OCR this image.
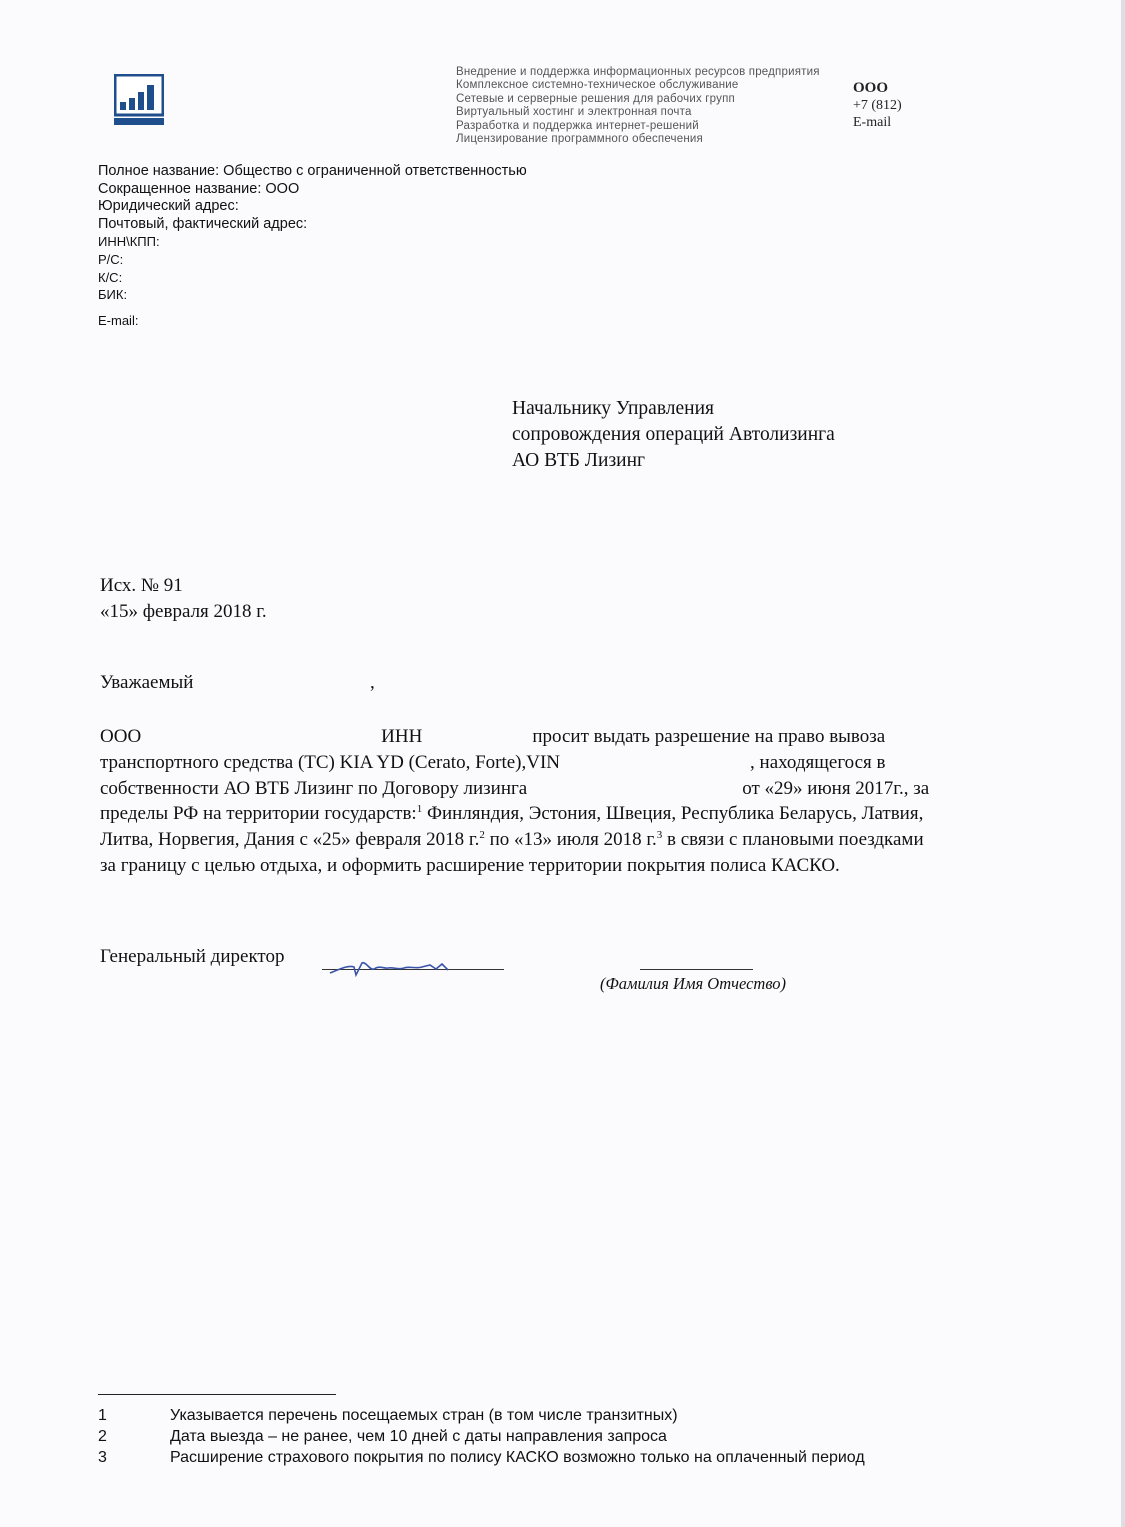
Внедрение и поддержка информационных ресурсов предприятия
Комплексное системно-техническое обслуживание
Сетевые и серверные решения для рабочих групп
Виртуальный хостинг и электронная почта
Разработка и поддержка интернет-решений
Лицензирование программного обеспечения
ООО
+7 (812)
E-mail
Полное название: Общество с ограниченной ответственностью
Сокращенное название: ООО
Юридический адрес:
Почтовый, фактический адрес:
ИНН\КПП:
Р/С:
К/С:
БИК:
E-mail:
Начальнику Управления
сопровождения операций Автолизинга
АО ВТБ Лизинг
Исх. № 91
«15» февраля 2018 г.
Уважаемый	,
ООО	ИНН	просит выдать разрешение на право вывоза
транспортного средства (ТС) KIA YD (Cerato, Forte),VIN	, находящегося в
собственности АО ВТБ Лизинг по Договору лизинга	от «29» июня 2017г., за
пределы РФ на территории государств:$^1$ Финляндия, Эстония, Швеция, Республика Беларусь, Латвия,
Литва, Норвегия, Дания с «25» февраля 2018 г.$^2$ по «13» июля 2018 г.$^3$ в связи с плановыми поездками
за границу с целью отдыха, и оформить расширение территории покрытия полиса КАСКО.
Генеральный директор
(Фамилия Имя Отчество)
1	Указывается перечень посещаемых стран (в том числе транзитных)
2	Дата выезда – не ранее, чем 10 дней с даты направления запроса
3	Расширение страхового покрытия по полису КАСКО возможно только на оплаченный период
